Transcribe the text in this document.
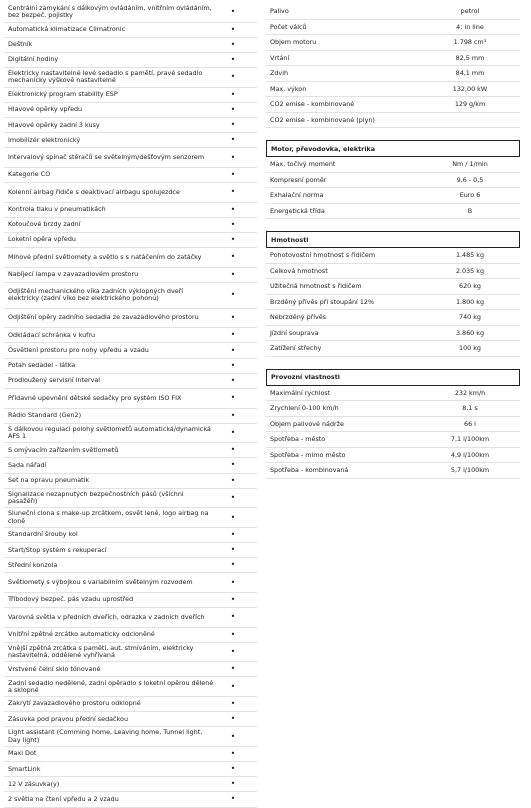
Centrální zamykání s dálkovým ovládáním, vnitřním ovládáním, bez bezpeč. pojistky	•
Automatická klimatizace Climatronic	•
Deštník	•
Digitální hodiny	•
Elektricky nastavitelné levé sedadlo s pamětí, pravé sedadlo mechanicky výškově nastavitelné	•
Elektronický program stability ESP	•
Hlavové opěrky vpředu	•
Hlavové opěrky zadní 3 kusy	•
Imobilizér elektronický	•
Intervalový spínač stěračů se světelným/dešťovým senzorem	•
Kategorie CO	•
Kolenní airbag řidiče s deaktivací airbagu spolujezdce	•
Kontrola tlaku v pneumatikách	•
Kotoučové brzdy zadní	•
Loketní opěra vpředu	•
Mlhové přední světlomety a světlo s s natáčením do zatáčky	•
Nabíjecí lampa v zavazadlovém prostoru	•
Odjištění mechanického víka zadních výklopných dveří elektricky (zadní víko bez elektrického pohonu)	•
Odjištění opěry zadního sedadla ze zavazadlového prostoru	•
Odkládací schránka v kufru	•
Osvětlení prostoru pro nohy vpředu a vzadu	•
Potah sedadel - látka	•
Prodloužený servisní interval	•
Přídavné upevnění dětské sedačky pro systém ISO FIX	•
Rádio Standard (Gen2)	•
S dálkovou regulací polohy světlometů automatická/dynamická AFS 1	•
S omývacím zařízením světlometů	•
Sada nářadí	•
Set na opravu pneumatik	•
Signalizace nezapnutých bezpečnostních pásů (všichni pasažéři)	•
Sluneční clona s make-up zrcátkem, osvět lené, logo airbag na cloně	•
Standardní šrouby kol	•
Start/Stop systém s rekuperací	•
Střední konzola	•
Světlomety s výbojkou s variabilním světelným rozvodem	•
Tříbodový bezpeč. pás vzadu uprostřed	•
Varovná světla v předních dveřích, odrazka v zadních dveřích	•
Vnitřní zpětné zrcátko automaticky odcloněné	•
Vnější zpětná zrcátka s pamětí, aut. stmíváním, elektricky nastavitelná, oddělené vyhřívaná	•
Vrstvené čelní sklo tónované	•
Zadní sedadlo nedělené, zadní opěradlo s loketní opěrou dělené a sklopné	•
Zakrytí zavazadlového prostoru odklopné	•
Zásuvka pod pravou přední sedačkou	•
Light assistant (Comming home, Leaving home, Tunnel light, Day light)	•
Maxi Dot	•
SmartLink	•
12 V zásuvka(y)	•
2 světla na čtení vpředu a 2 vzadu	•
Palivo	petrol
Počet válců	4; in line
Objem motoru	1.798 cm³
Vrtání	82,5 mm
Zdvih	84,1 mm
Max. výkon	132,00 kW
CO2 emise - kombinované	129 g/km
CO2 emise - kombinované (plyn)
Motor, převodovka, elektrika
Max. točivý moment	Nm / 1/min
Kompresní poměr	9,6 - 0,5
Exhalační norma	Euro 6
Energetická třída	B
Hmotnosti
Pohotovostní hmotnost s řidičem	1.485 kg
Celková hmotnost	2.035 kg
Užitečná hmotnost s řidičem	620 kg
Brzděný přívěs při stoupání 12%	1.800 kg
Nebrzděný přívěs	740 kg
Jízdní souprava	3.860 kg
Zatížení střechy	100 kg
Provozní vlastnosti
Maximální rychlost	232 km/h
Zrychlení 0-100 km/h	8,1 s
Objem palivové nádrže	66 l
Spotřeba - město	7,1 l/100km
Spotřeba - mimo město	4,9 l/100km
Spotřeba - kombinovaná	5,7 l/100km
